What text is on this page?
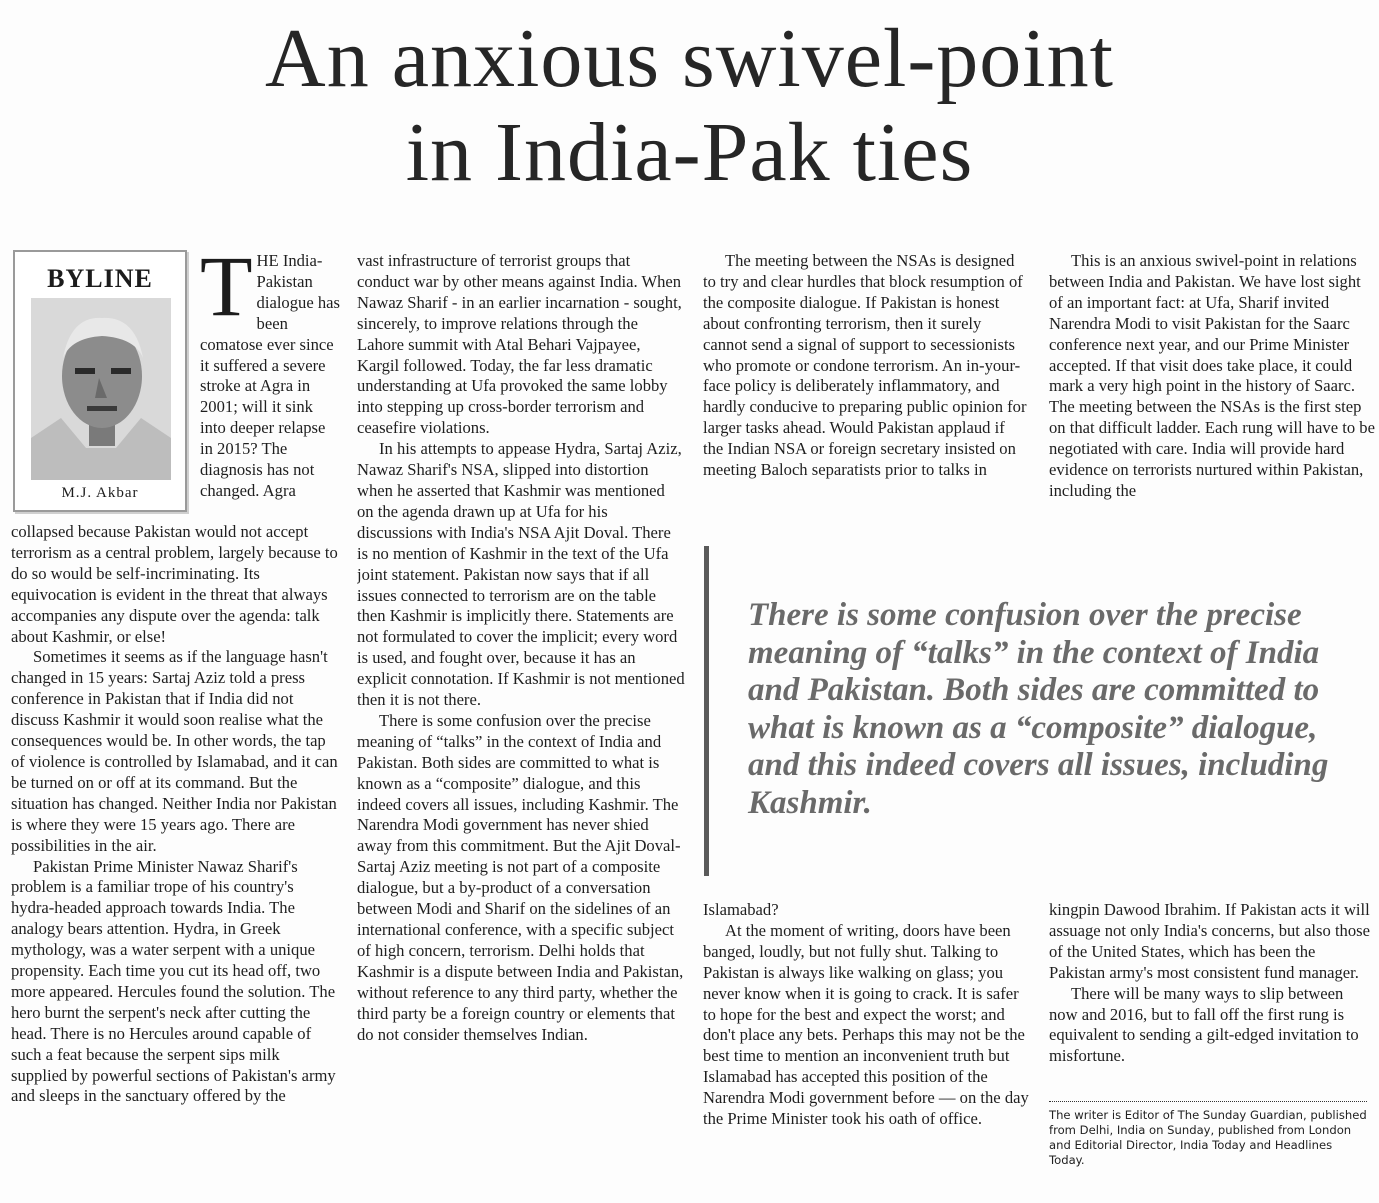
An anxious swivel-point
in India-Pak ties
BYLINE
M.J. Akbar

THE India-Pakistan dialogue has been comatose ever since it suffered a severe stroke at Agra in 2001; will it sink into deeper relapse in 2015? The diagnosis has not changed. Agra

collapsed because Pakistan would not accept terrorism as a central problem, largely because to do so would be self-incriminating. Its equivocation is evident in the threat that always accompanies any dispute over the agenda: talk about Kashmir, or else!

Sometimes it seems as if the language hasn't changed in 15 years: Sartaj Aziz told a press conference in Pakistan that if India did not discuss Kashmir it would soon realise what the consequences would be. In other words, the tap of violence is controlled by Islamabad, and it can be turned on or off at its command. But the situation has changed. Neither India nor Pakistan is where they were 15 years ago. There are possibilities in the air.

Pakistan Prime Minister Nawaz Sharif's problem is a familiar trope of his country's hydra-headed approach towards India. The analogy bears attention. Hydra, in Greek mythology, was a water serpent with a unique propensity. Each time you cut its head off, two more appeared. Hercules found the solution. The hero burnt the serpent's neck after cutting the head. There is no Hercules around capable of such a feat because the serpent sips milk supplied by powerful sections of Pakistan's army and sleeps in the sanctuary offered by the

vast infrastructure of terrorist groups that conduct war by other means against India. When Nawaz Sharif - in an earlier incarnation - sought, sincerely, to improve relations through the Lahore summit with Atal Behari Vajpayee, Kargil followed. Today, the far less dramatic understanding at Ufa provoked the same lobby into stepping up cross-border terrorism and ceasefire violations.

In his attempts to appease Hydra, Sartaj Aziz, Nawaz Sharif's NSA, slipped into distortion when he asserted that Kashmir was mentioned on the agenda drawn up at Ufa for his discussions with India's NSA Ajit Doval. There is no mention of Kashmir in the text of the Ufa joint statement. Pakistan now says that if all issues connected to terrorism are on the table then Kashmir is implicitly there. Statements are not formulated to cover the implicit; every word is used, and fought over, because it has an explicit connotation. If Kashmir is not mentioned then it is not there.

There is some confusion over the precise meaning of “talks” in the context of India and Pakistan. Both sides are committed to what is known as a “composite” dialogue, and this indeed covers all issues, including Kashmir. The Narendra Modi government has never shied away from this commitment. But the Ajit Doval-Sartaj Aziz meeting is not part of a composite dialogue, but a by-product of a conversation between Modi and Sharif on the sidelines of an international conference, with a specific subject of high concern, terrorism. Delhi holds that Kashmir is a dispute between India and Pakistan, without reference to any third party, whether the third party be a foreign country or elements that do not consider themselves Indian.

The meeting between the NSAs is designed to try and clear hurdles that block resumption of the composite dialogue. If Pakistan is honest about confronting terrorism, then it surely cannot send a signal of support to secessionists who promote or condone terrorism. An in-your-face policy is deliberately inflammatory, and hardly conducive to preparing public opinion for larger tasks ahead. Would Pakistan applaud if the Indian NSA or foreign secretary insisted on meeting Baloch separatists prior to talks in

This is an anxious swivel-point in relations between India and Pakistan. We have lost sight of an important fact: at Ufa, Sharif invited Narendra Modi to visit Pakistan for the Saarc conference next year, and our Prime Minister accepted. If that visit does take place, it could mark a very high point in the history of Saarc. The meeting between the NSAs is the first step on that difficult ladder. Each rung will have to be negotiated with care. India will provide hard evidence on terrorists nurtured within Pakistan, including the

There is some confusion over the precise meaning of “talks” in the context of India and Pakistan. Both sides are committed to what is known as a “composite” dialogue, and this indeed covers all issues, including Kashmir.

Islamabad?

At the moment of writing, doors have been banged, loudly, but not fully shut. Talking to Pakistan is always like walking on glass; you never know when it is going to crack. It is safer to hope for the best and expect the worst; and don't place any bets. Perhaps this may not be the best time to mention an inconvenient truth but Islamabad has accepted this position of the Narendra Modi government before — on the day the Prime Minister took his oath of office.

kingpin Dawood Ibrahim. If Pakistan acts it will assuage not only India's concerns, but also those of the United States, which has been the Pakistan army's most consistent fund manager.

There will be many ways to slip between now and 2016, but to fall off the first rung is equivalent to sending a gilt-edged invitation to misfortune.

The writer is Editor of The Sunday Guardian, published from Delhi, India on Sunday, published from London and Editorial Director, India Today and Headlines Today.
